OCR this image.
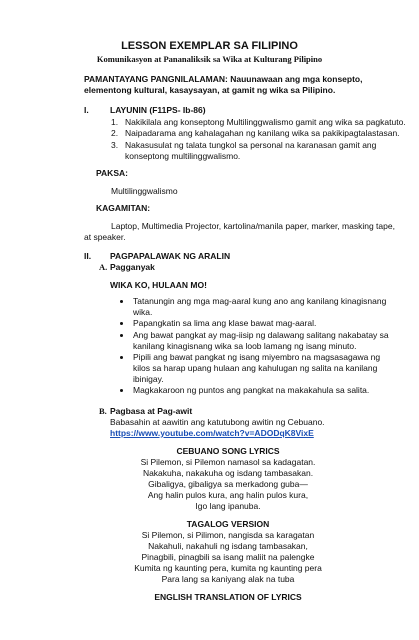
LESSON EXEMPLAR SA FILIPINO
Komunikasyon at Pananaliksik sa Wika at Kulturang Pilipino
PAMANTAYANG PANGNILALAMAN: Nauunawaan ang mga konsepto,
elementong kultural, kasaysayan, at gamit ng wika sa Pilipino.
I.	LAYUNIN (F11PS- Ib-86)
1. Nakikilala ang konseptong Multilinggwalismo gamit ang wika sa pagkatuto.
2. Naipadarama ang kahalagahan ng kanilang wika sa pakikipagtalastasan.
3. Nakasusulat ng talata tungkol sa personal na karanasan gamit ang
konseptong multilinggwalismo.
PAKSA:
Multilinggwalismo
KAGAMITAN:
Laptop, Multimedia Projector, kartolina/manila paper, marker, masking tape,
at speaker.
II. PAGPAPALAWAK NG ARALIN
A. Pagganyak
WIKA KO, HULAAN MO!
Tatanungin ang mga mag-aaral kung ano ang kanilang kinagisnang
wika.
Papangkatin sa lima ang klase bawat mag-aaral.
Ang bawat pangkat ay mag-iisip ng dalawang salitang nakabatay sa
kanilang kinagisnang wika sa loob lamang ng isang minuto.
Pipili ang bawat pangkat ng isang miyembro na magsasagawa ng
kilos sa harap upang hulaan ang kahulugan ng salita na kanilang
ibinigay.
Magkakaroon ng puntos ang pangkat na makakahula sa salita.
B. Pagbasa at Pag-awit
Babasahin at aawitin ang katutubong awitin ng Cebuano.
https://www.youtube.com/watch?v=ADODqK8VixE
CEBUANO SONG LYRICS
Si Pilemon, si Pilemon namasol sa kadagatan.
Nakakuha, nakakuha og isdang tambasakan.
Gibaligya, gibaligya sa merkadong guba—
Ang halin pulos kura, ang halin pulos kura,
Igo lang ipanuba.
TAGALOG VERSION
Si Pilemon, si Pilimon, nangisda sa karagatan
Nakahuli, nakahuli ng isdang tambasakan,
Pinagbili, pinagbili sa isang maliit na palengke
Kumita ng kaunting pera, kumita ng kaunting pera
Para lang sa kaniyang alak na tuba
ENGLISH TRANSLATION OF LYRICS
